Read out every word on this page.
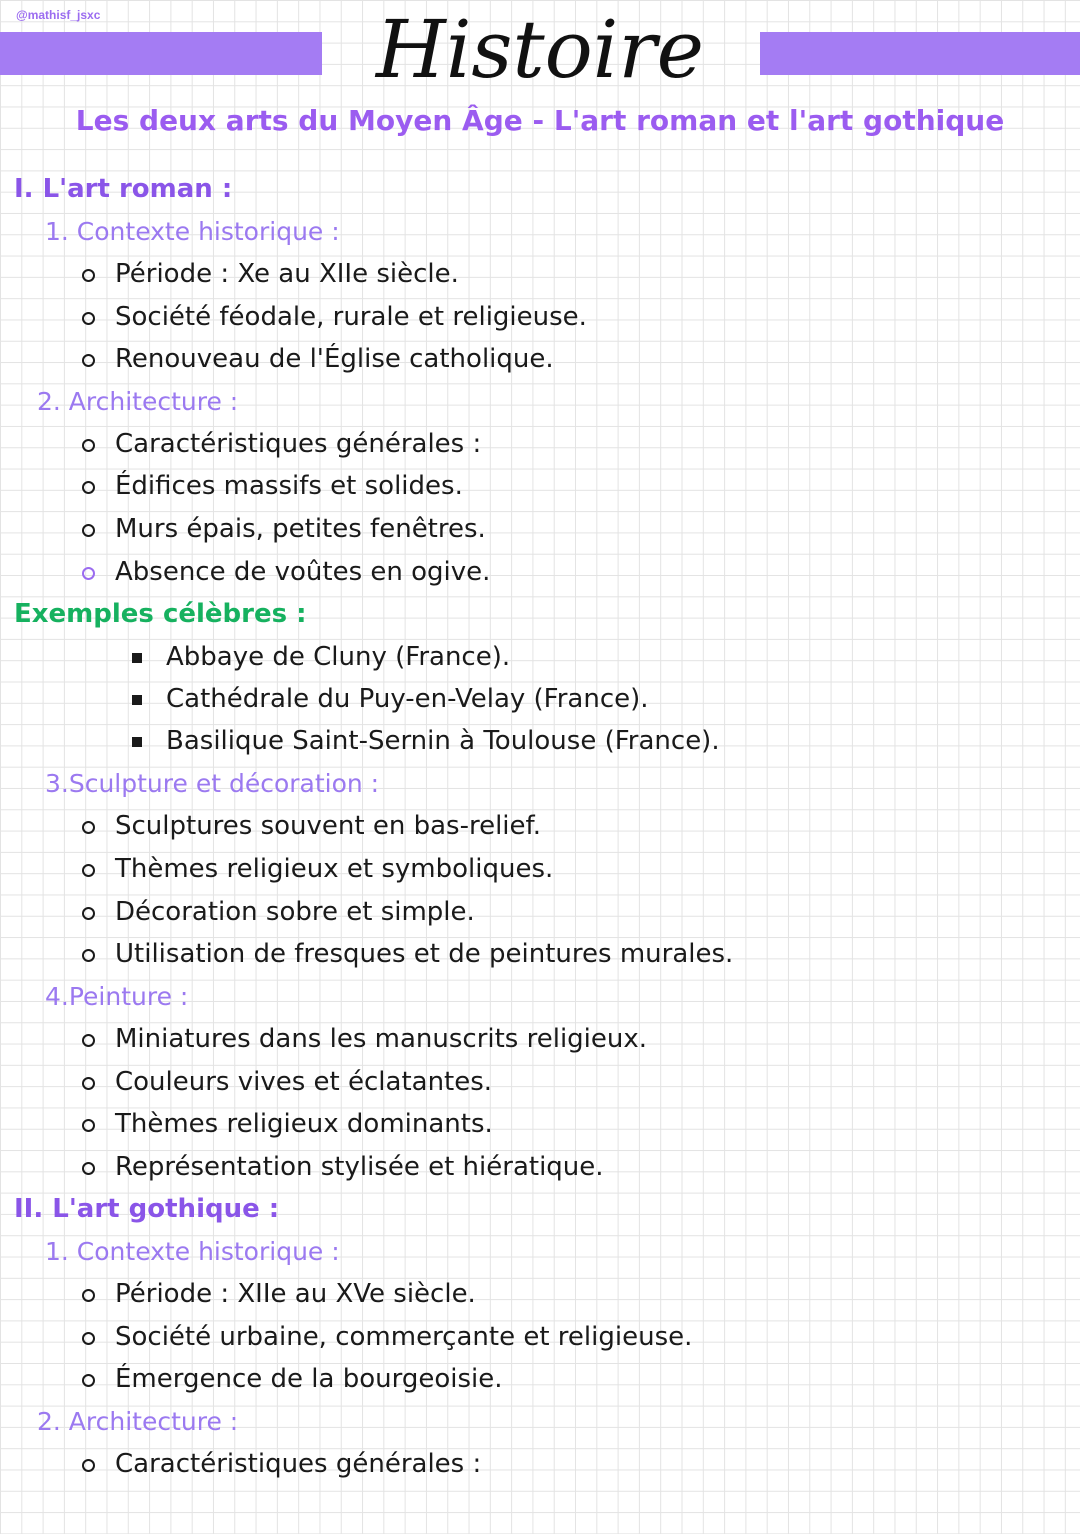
@mathisf_jsxc	Histoire
Les deux arts du Moyen Âge - L'art roman et l'art gothique
I. L'art roman :
1. Contexte historique :
Période : Xe au XIIe siècle.
Société féodale, rurale et religieuse.
Renouveau de l'Église catholique.
2. Architecture :
Caractéristiques générales :
Édifices massifs et solides.
Murs épais, petites fenêtres.
Absence de voûtes en ogive.
Exemples célèbres :
Abbaye de Cluny (France).
Cathédrale du Puy-en-Velay (France).
Basilique Saint-Sernin à Toulouse (France).
3.Sculpture et décoration :
Sculptures souvent en bas-relief.
Thèmes religieux et symboliques.
Décoration sobre et simple.
Utilisation de fresques et de peintures murales.
4.Peinture :
Miniatures dans les manuscrits religieux.
Couleurs vives et éclatantes.
Thèmes religieux dominants.
Représentation stylisée et hiératique.
II. L'art gothique :
1. Contexte historique :
Période : XIIe au XVe siècle.
Société urbaine, commerçante et religieuse.
Émergence de la bourgeoisie.
2. Architecture :
Caractéristiques générales :
